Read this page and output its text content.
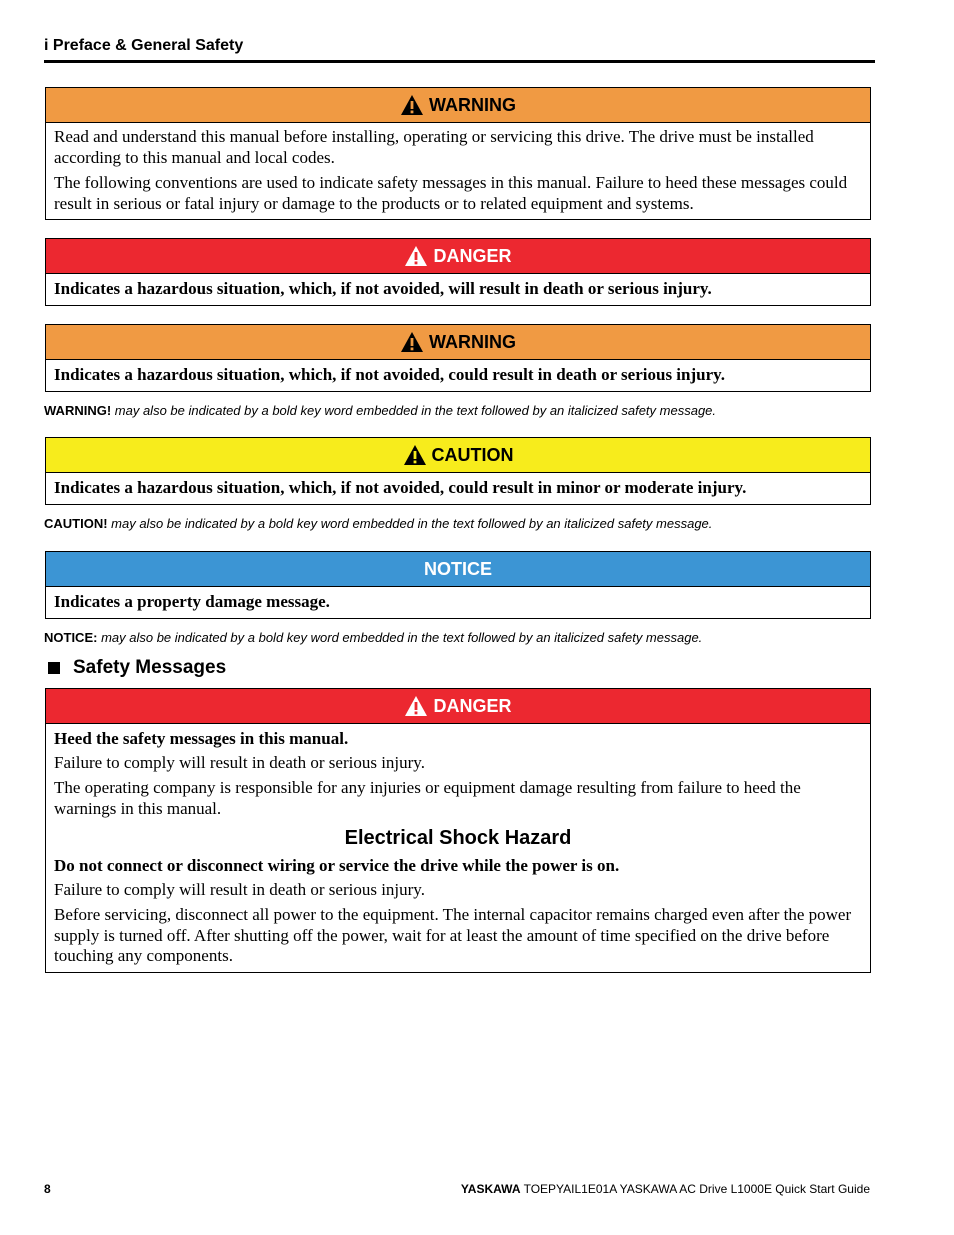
i Preface & General Safety
WARNING

Read and understand this manual before installing, operating or servicing this drive. The drive must be installed according to this manual and local codes.

The following conventions are used to indicate safety messages in this manual. Failure to heed these messages could result in serious or fatal injury or damage to the products or to related equipment and systems.

DANGER

Indicates a hazardous situation, which, if not avoided, will result in death or serious injury.

WARNING

Indicates a hazardous situation, which, if not avoided, could result in death or serious injury.

WARNING! may also be indicated by a bold key word embedded in the text followed by an italicized safety message.
CAUTION

Indicates a hazardous situation, which, if not avoided, could result in minor or moderate injury.

CAUTION! may also be indicated by a bold key word embedded in the text followed by an italicized safety message.
NOTICE

Indicates a property damage message.

NOTICE: may also be indicated by a bold key word embedded in the text followed by an italicized safety message.
Safety Messages
DANGER

Heed the safety messages in this manual.

Failure to comply will result in death or serious injury.

The operating company is responsible for any injuries or equipment damage resulting from failure to heed the warnings in this manual.

Electrical Shock Hazard

Do not connect or disconnect wiring or service the drive while the power is on.

Failure to comply will result in death or serious injury.

Before servicing, disconnect all power to the equipment. The internal capacitor remains charged even after the power supply is turned off. After shutting off the power, wait for at least the amount of time specified on the drive before touching any components.

8	YASKAWA TOEPYAIL1E01A YASKAWA AC Drive L1000E Quick Start Guide
